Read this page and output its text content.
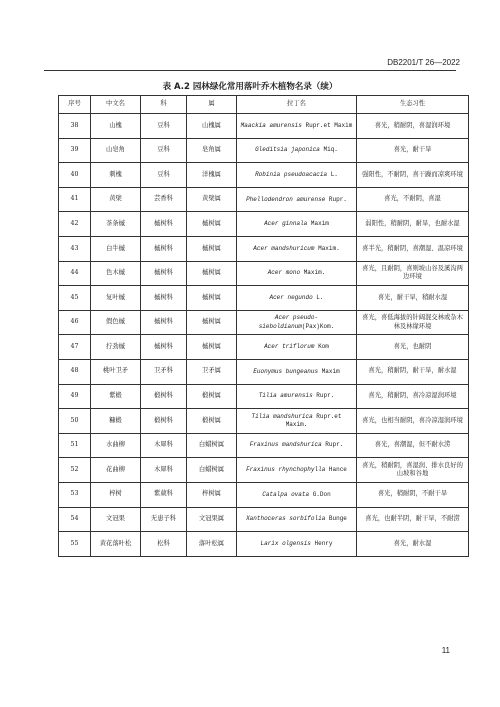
DB2201/T 26—2022
表 A.2 园林绿化常用落叶乔木植物名录（续）
序号	中文名	科	属	拉丁名	生态习性
38	山槐	豆科	山槐属	Maackia amurensis Rupr.et Maxim	喜光，稍耐阴，喜湿润环境
39	山皂角	豆科	皂角属	Gleditsia japonica Miq.	喜光，耐干旱
40	刺槐	豆科	洋槐属	Robinia pseudoacacia L.	强阳性，不耐阴，喜干躁而凉爽环境
41	黄檗	芸香科	黄檗属	Phellodendron amurense Rupr.	喜光，不耐阴，喜湿
42	茶条槭	槭树科	槭树属	Acer ginnala Maxim	弱阳性，稍耐阴，耐旱，也耐水湿
43	白牛槭	槭树科	槭树属	Acer mandshuricum Maxim.	喜半光，稍耐阴，喜潮湿、温凉环境
44	色木槭	槭树科	槭树属	Acer mono Maxim.	喜光，且耐阴，喜则坡山谷及溪沟两边环境
45	复叶槭	槭树科	槭树属	Acer negundo L.	喜光，耐干旱，稍耐水湿
46	假色槭	槭树科	槭树属	Acer pseudo-sieboldianum(Pax)Kom.	喜光，喜低海拔的针阔混交林或杂木林及林缘环境
47	拧劲槭	槭树科	槭树属	Acer triflorum Kom	喜光，也耐阴
48	桃叶卫矛	卫矛科	卫矛属	Euonymus bungeanus Maxim	喜光，稍耐阴，耐干旱，耐水湿
49	紫椴	椴树科	椴树属	Tilia amurensis Rupr.	喜光，稍耐阴，喜冷凉湿润环境
50	糠椴	椴树科	椴树属	Tilia mandshurica Rupr.et Maxim.	喜光，也相当耐阴，喜冷凉湿润环境
51	水曲柳	木犀科	白蜡树属	Fraxinus mandshurica Rupr.	喜光，喜潮湿，但不耐水涝
52	花曲柳	木犀科	白蜡树属	Fraxinus rhynchophylla Hance	喜光，稍耐阴，喜湿润、排水良好的山坡和谷地
53	梓树	紫葳科	梓树属	Catalpa ovata G.Don	喜光，稍耐阴，不耐干旱
54	文冠果	无患子科	文冠果属	Xanthoceras sorbifolia Bunge	喜光，也耐半阴，耐干旱，不耐涝
55	黄花落叶松	松科	落叶松属	Larix olgensis Henry	喜光，耐水湿
11
